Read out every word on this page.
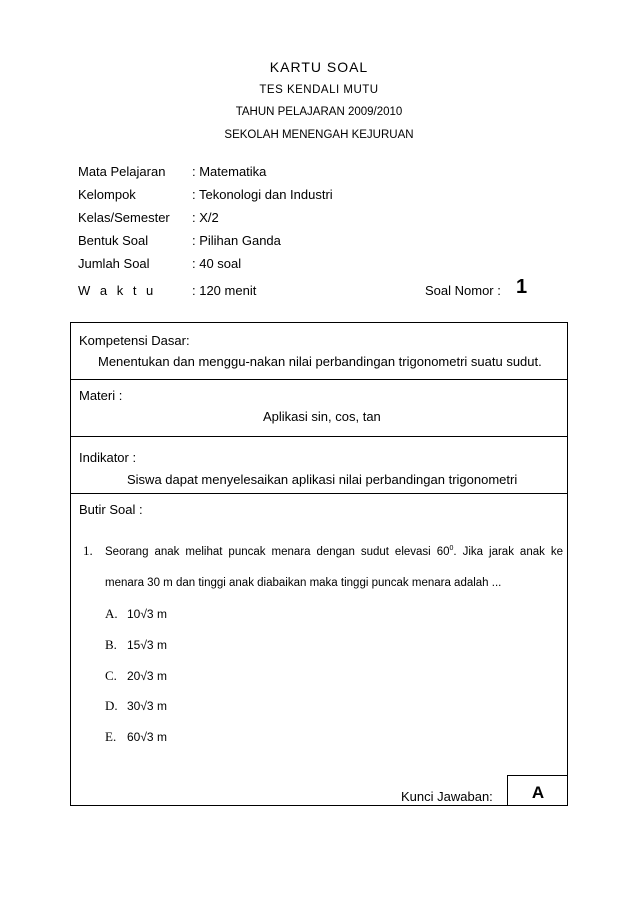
KARTU SOAL
TES KENDALI MUTU
TAHUN PELAJARAN 2009/2010
SEKOLAH MENENGAH KEJURUAN
Mata Pelajaran : Matematika
Kelompok	: Tekonologi dan Industri
Kelas/Semester : X/2
Bentuk Soal	: Pilihan Ganda
Jumlah Soal	: 40 soal
W a k t u	: 120 menit	Soal Nomor : 1
Kompetensi Dasar:
Menentukan dan menggu-nakan nilai perbandingan trigonometri suatu sudut.
Materi :
Aplikasi sin, cos, tan
Indikator :
Siswa dapat menyelesaikan aplikasi nilai perbandingan trigonometri
Butir Soal :
1. Seorang anak melihat puncak menara dengan sudut elevasi $60^0$. Jika jarak anak ke
menara 30 m dan tinggi anak diabaikan maka tinggi puncak menara adalah ...
A. 10√3 m
B. 15√3 m
C. 20√3 m
D. 30√3 m
E. 60√3 m
Kunci Jawaban:	A
